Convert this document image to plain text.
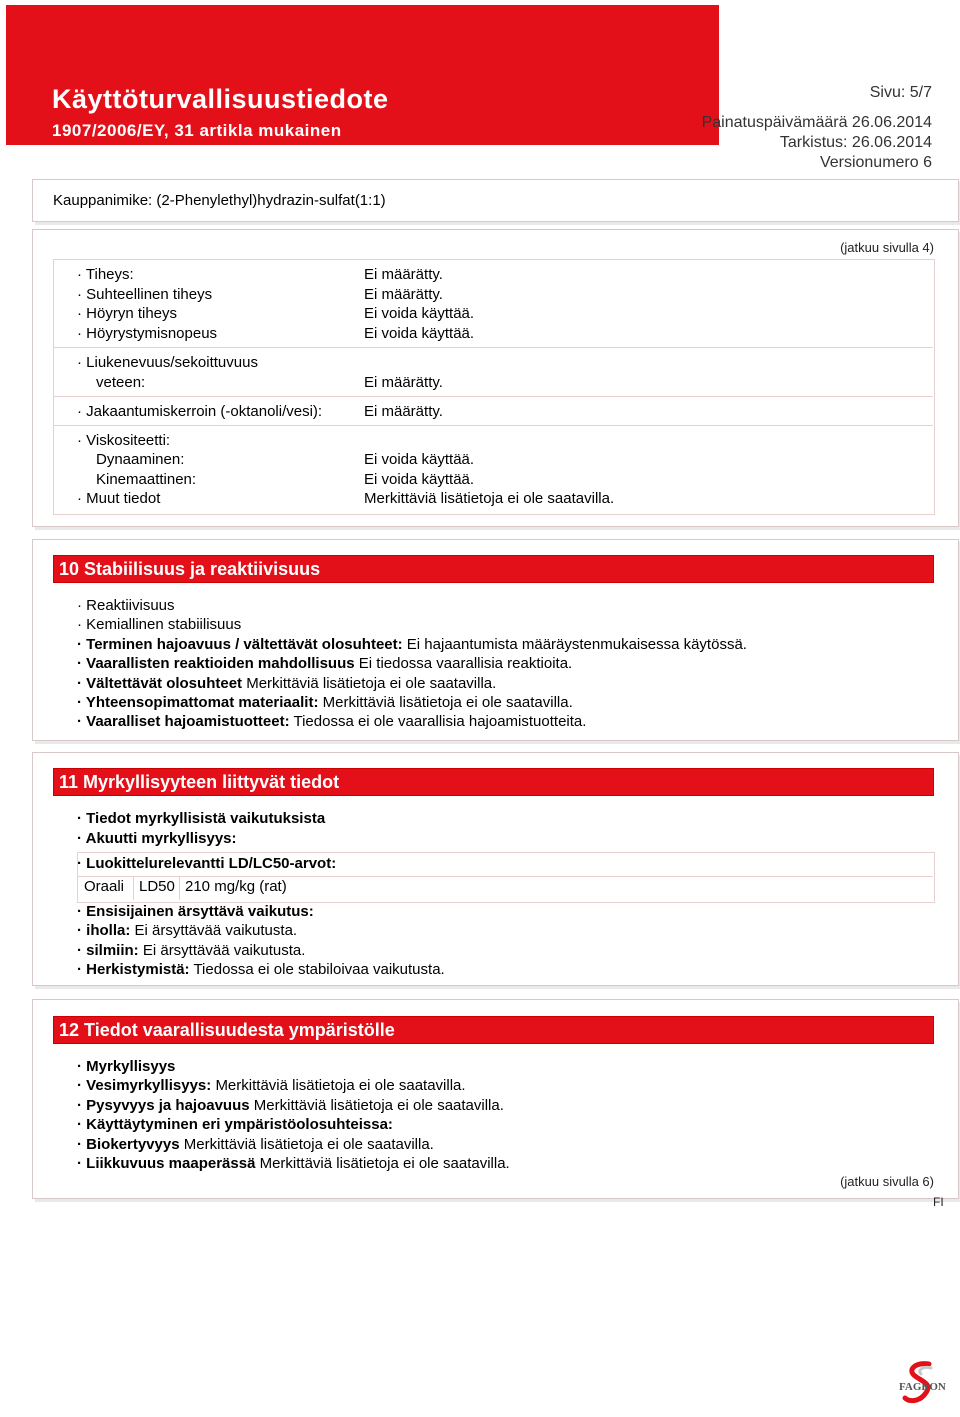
Käyttöturvallisuustiedote
1907/2006/EY, 31 artikla mukainen
Sivu: 5/7
Painatuspäivämäärä 26.06.2014
Tarkistus: 26.06.2014
Versionumero 6
Kauppanimike: (2-Phenylethyl)hydrazin-sulfat(1:1)
(jatkuu sivulla 4)
· Tiheys:	Ei määrätty.
· Suhteellinen tiheys	Ei määrätty.
· Höyryn tiheys	Ei voida käyttää.
· Höyrystymisnopeus	Ei voida käyttää.
· Liukenevuus/sekoittuvuus
veteen:	Ei määrätty.
· Jakaantumiskerroin (-oktanoli/vesi):	Ei määrätty.
· Viskositeetti:
Dynaaminen:	Ei voida käyttää.
Kinemaattinen:	Ei voida käyttää.
· Muut tiedot	Merkittäviä lisätietoja ei ole saatavilla.
10 Stabiilisuus ja reaktiivisuus
· Reaktiivisuus
· Kemiallinen stabiilisuus
· Terminen hajoavuus / vältettävät olosuhteet: Ei hajaantumista määräystenmukaisessa käytössä.
· Vaarallisten reaktioiden mahdollisuus Ei tiedossa vaarallisia reaktioita.
· Vältettävät olosuhteet Merkittäviä lisätietoja ei ole saatavilla.
· Yhteensopimattomat materiaalit: Merkittäviä lisätietoja ei ole saatavilla.
· Vaaralliset hajoamistuotteet: Tiedossa ei ole vaarallisia hajoamistuotteita.
11 Myrkyllisyyteen liittyvät tiedot
· Tiedot myrkyllisistä vaikutuksista
· Akuutti myrkyllisyys:
· Luokittelurelevantti LD/LC50-arvot:
Oraali LD50 210 mg/kg (rat)
· Ensisijainen ärsyttävä vaikutus:
· iholla: Ei ärsyttävää vaikutusta.
· silmiin: Ei ärsyttävää vaikutusta.
· Herkistymistä: Tiedossa ei ole stabiloivaa vaikutusta.
12 Tiedot vaarallisuudesta ympäristölle
· Myrkyllisyys
· Vesimyrkyllisyys: Merkittäviä lisätietoja ei ole saatavilla.
· Pysyvyys ja hajoavuus Merkittäviä lisätietoja ei ole saatavilla.
· Käyttäytyminen eri ympäristöolosuhteissa:
· Biokertyvyys Merkittäviä lisätietoja ei ole saatavilla.
· Liikkuvuus maaperässä Merkittäviä lisätietoja ei ole saatavilla.
(jatkuu sivulla 6)
FI
FAGRON
